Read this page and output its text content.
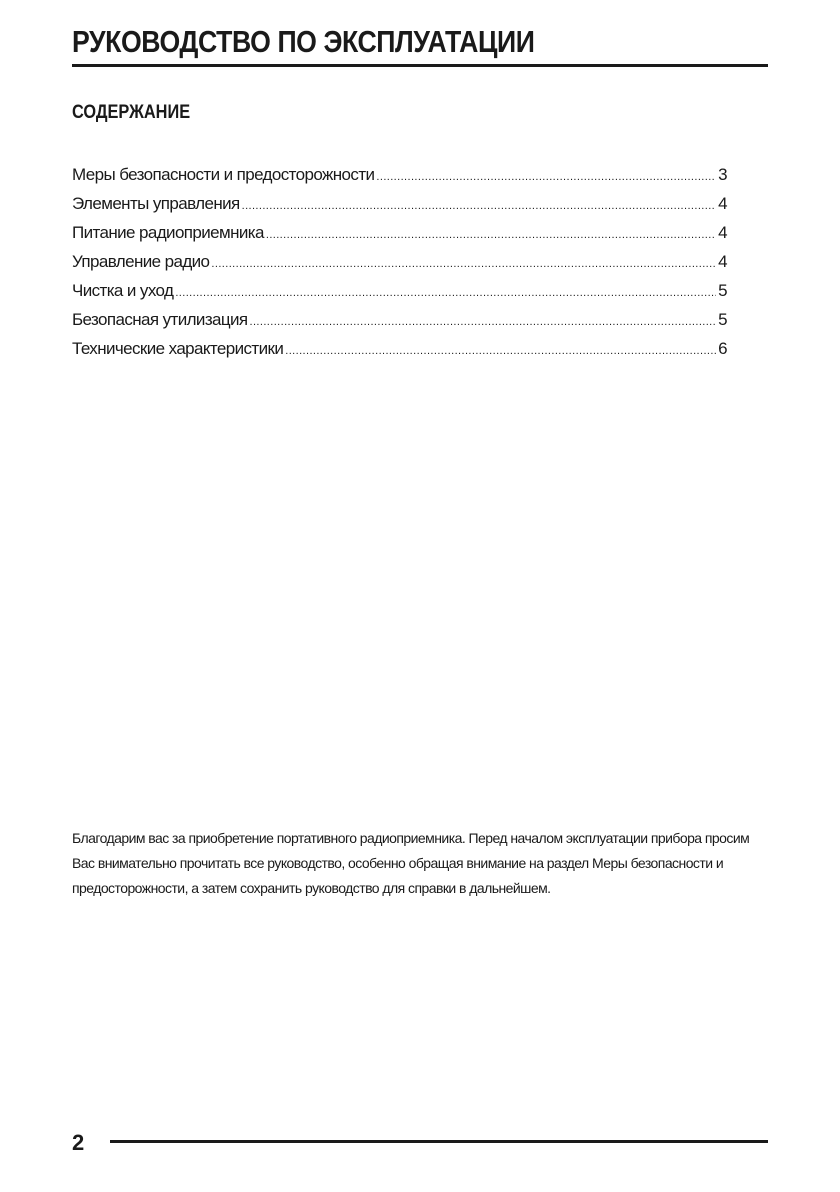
РУКОВОДСТВО ПО ЭКСПЛУАТАЦИИ
СОДЕРЖАНИЕ
Меры безопасности и предосторожности .....	3
Элементы управления .....	4
Питание радиоприемника .....	4
Управление радио .....	4
Чистка и уход .....	5
Безопасная утилизация .....	5
Технические характеристики .....	6

Благодарим вас за приобретение портативного радиоприемника. Перед началом эксплуатации прибора просим Вас внимательно прочитать все руководство, особенно обращая внимание на раздел Меры безопасности и предосторожности, а затем сохранить руководство для справки в дальнейшем.

2
